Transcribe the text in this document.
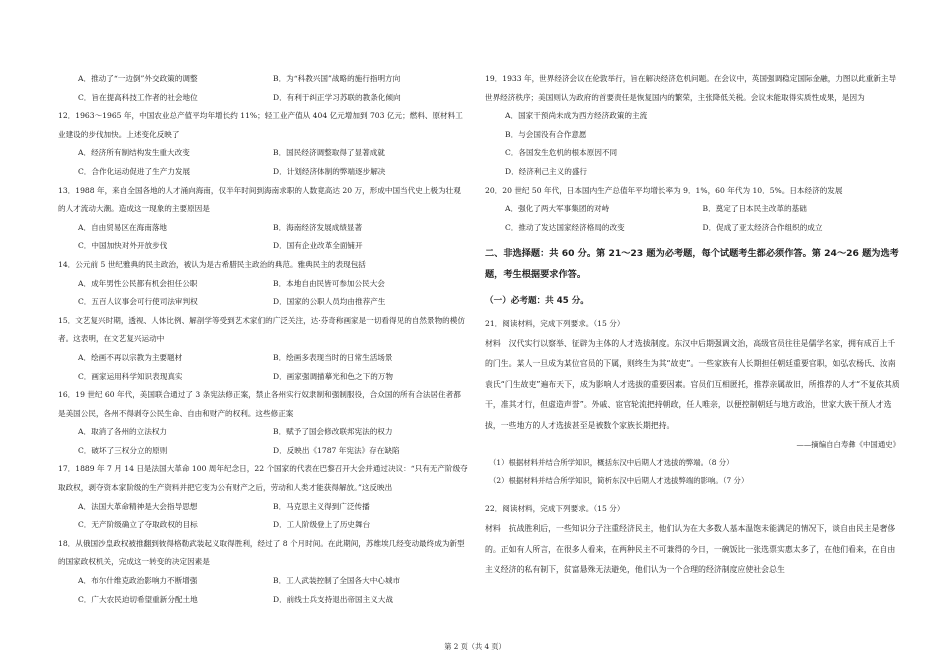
A．推动了“一边倒”外交政策的调整	B．为“科教兴国”战略的施行指明方向 C．旨在提高科技工作者的社会地位	D．有利于纠正学习苏联的教条化倾向
12．1963～1965 年，中国农业总产值平均年增长约 11%；轻工业产值从 404 亿元增加到 703 亿元；燃料、原材料工业建设的步伐加快。上述变化反映了
A．经济所有制结构发生重大改变	B．国民经济调整取得了显著成就 C．合作化运动促进了生产力发展	D．计划经济体制的弊端逐步解决
13．1988 年，来自全国各地的人才涌向海南，仅半年时间到海南求职的人数竟高达 20 万，形成中国当代史上极为壮观的人才流动大潮。造成这一现象的主要原因是
A．自由贸易区在海南落地	B．海南经济发展成绩显著 C．中国加快对外开放步伐	D．国有企业改革全面铺开
14．公元前 5 世纪雅典的民主政治，被认为是古希腊民主政治的典范。雅典民主的表现包括
A．成年男性公民都有机会担任公职	B．本地自由民皆可参加公民大会 C．五百人议事会可行使司法审判权	D．国家的公职人员均由推荐产生
15．文艺复兴时期，透视、人体比例、解剖学等受到艺术家们的广泛关注，达·芬奇称画家是一切看得见的自然景物的模仿者。这表明，在文艺复兴运动中
A．绘画不再以宗教为主要题材	B．绘画多表现当时的日常生活场景 C．画家运用科学知识表现真实	D．画家强调描摹光和色之下的万物
16．19 世纪 60 年代，美国联合通过了 3 条宪法修正案，禁止各州实行奴隶制和强制服役，合众国的所有合法居住者都是美国公民，各州不得剥夺公民生命、自由和财产的权利。这些修正案
A．取消了各州的立法权力	B．赋予了国会修改联邦宪法的权力 C．破坏了三权分立的原则	D．反映出《1787 年宪法》存在缺陷
17．1889 年 7 月 14 日是法国大革命 100 周年纪念日，22 个国家的代表在巴黎召开大会并通过决议：“只有无产阶级夺取政权，剥夺资本家阶级的生产资料并把它变为公有财产之后，劳动和人类才能获得解放。”这反映出
A．法国大革命精神是大会指导思想	B．马克思主义得到广泛传播 C．无产阶级确立了夺取政权的目标	D．工人阶级登上了历史舞台
18．从俄国沙皇政权被推翻到彼得格勒武装起义取得胜利，经过了 8 个月时间。在此期间，苏维埃几经变动最终成为新型的国家政权机关，完成这一转变的决定因素是
A．布尔什维克政治影响力不断增强	B．工人武装控制了全国各大中心城市 C．广大农民迫切希望重新分配土地	D．前线士兵支持退出帝国主义大战
19．1933 年，世界经济会议在伦敦举行，旨在解决经济危机问题。在会议中，英国强调稳定国际金融，力图以此重新主导世界经济秩序；美国则认为政府的首要责任是恢复国内的繁荣，主张降低关税。会议未能取得实质性成果，是因为
A．国家干预尚未成为西方经济政策的主流
B．与会国没有合作意愿
C．各国发生危机的根本原因不同
D．经济利己主义的盛行
20．20 世纪 50 年代，日本国内生产总值年平均增长率为 9．1%，60 年代为 10．5%。日本经济的发展
A．强化了两大军事集团的对峙	B．奠定了日本民主改革的基础 C．推动了发达国家经济格局的改变	D．促成了亚太经济合作组织的成立
二、非选择题：共 60 分。第 21～23 题为必考题，每个试题考生都必须作答。第 24～26 题为选考题，考生根据要求作答。
（一）必考题：共 45 分。
21．阅读材料，完成下列要求。（15 分）
材料　汉代实行以察举、征辟为主体的人才选拔制度。东汉中后期强调文治，高级官员往往是儒学名家，拥有成百上千的门生。某人一旦成为某位官员的下属，则终生为其“故吏”。一些家族有人长期担任朝廷重要官职，如弘农杨氏、汝南袁氏“门生故吏”遍布天下，成为影响人才选拔的重要因素。官员们互相匿托，推荐亲属故旧，所推荐的人才“不复依其质干，准其才行，但虚造声誉”。外戚、宦官轮流把持朝政，任人唯亲，以便控制朝廷与地方政治，世家大族干预人才选拔，一些地方的人才选拔甚至是被数个家族长期把持。
——摘编自白寿彝《中国通史》
（1）根据材料并结合所学知识，概括东汉中后期人才选拔的弊端。（8 分）
（2）根据材料并结合所学知识，简析东汉中后期人才选拔弊端的影响。（7 分）
22．阅读材料，完成下列要求。（15 分）
材料　抗战胜利后，一些知识分子注重经济民主，他们认为在大多数人基本温饱未能满足的情况下，谈自由民主是奢侈的。正如有人所言，在很多人看来，在两种民主不可兼得的今日，一碗饭比一张选票实惠太多了，在他们看来，在自由主义经济的私有制下，贫富悬殊无法避免，他们认为一个合理的经济制度应使社会总生
第 2 页（共 4 页）
